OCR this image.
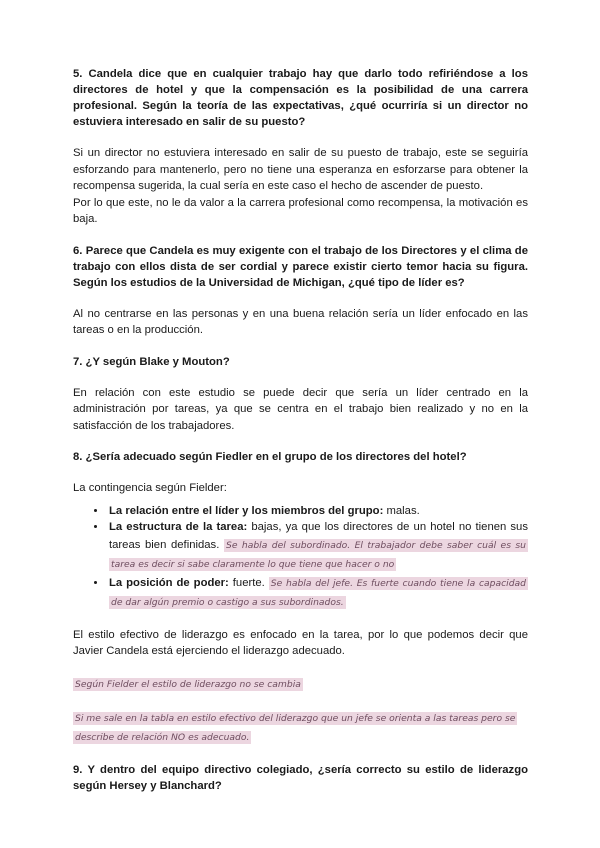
5. Candela dice que en cualquier trabajo hay que darlo todo refiriéndose a los directores de hotel y que la compensación es la posibilidad de una carrera profesional. Según la teoría de las expectativas, ¿qué ocurriría si un director no estuviera interesado en salir de su puesto?

Si un director no estuviera interesado en salir de su puesto de trabajo, este se seguiría esforzando para mantenerlo, pero no tiene una esperanza en esforzarse para obtener la recompensa sugerida, la cual sería en este caso el hecho de ascender de puesto.

Por lo que este, no le da valor a la carrera profesional como recompensa, la motivación es baja.

6. Parece que Candela es muy exigente con el trabajo de los Directores y el clima de trabajo con ellos dista de ser cordial y parece existir cierto temor hacia su figura. Según los estudios de la Universidad de Michigan, ¿qué tipo de líder es?

Al no centrarse en las personas y en una buena relación sería un líder enfocado en las tareas o en la producción.

7. ¿Y según Blake y Mouton?

En relación con este estudio se puede decir que sería un líder centrado en la administración por tareas, ya que se centra en el trabajo bien realizado y no en la satisfacción de los trabajadores.

8. ¿Sería adecuado según Fiedler en el grupo de los directores del hotel?

La contingencia según Fielder:

• La relación entre el líder y los miembros del grupo: malas.
• La estructura de la tarea: bajas, ya que los directores de un hotel no tienen sus tareas bien definidas. Se habla del subordinado. El trabajador debe saber cuál es su tarea es decir si sabe claramente lo que tiene que hacer o no
• La posición de poder: fuerte. Se habla del jefe. Es fuerte cuando tiene la capacidad de dar algún premio o castigo a sus subordinados.

El estilo efectivo de liderazgo es enfocado en la tarea, por lo que podemos decir que Javier Candela está ejerciendo el liderazgo adecuado.

Según Fielder el estilo de liderazgo no se cambia
Si me sale en la tabla en estilo efectivo del liderazgo que un jefe se orienta a las tareas pero se describe de relación NO es adecuado.

9. Y dentro del equipo directivo colegiado, ¿sería correcto su estilo de liderazgo según Hersey y Blanchard?
